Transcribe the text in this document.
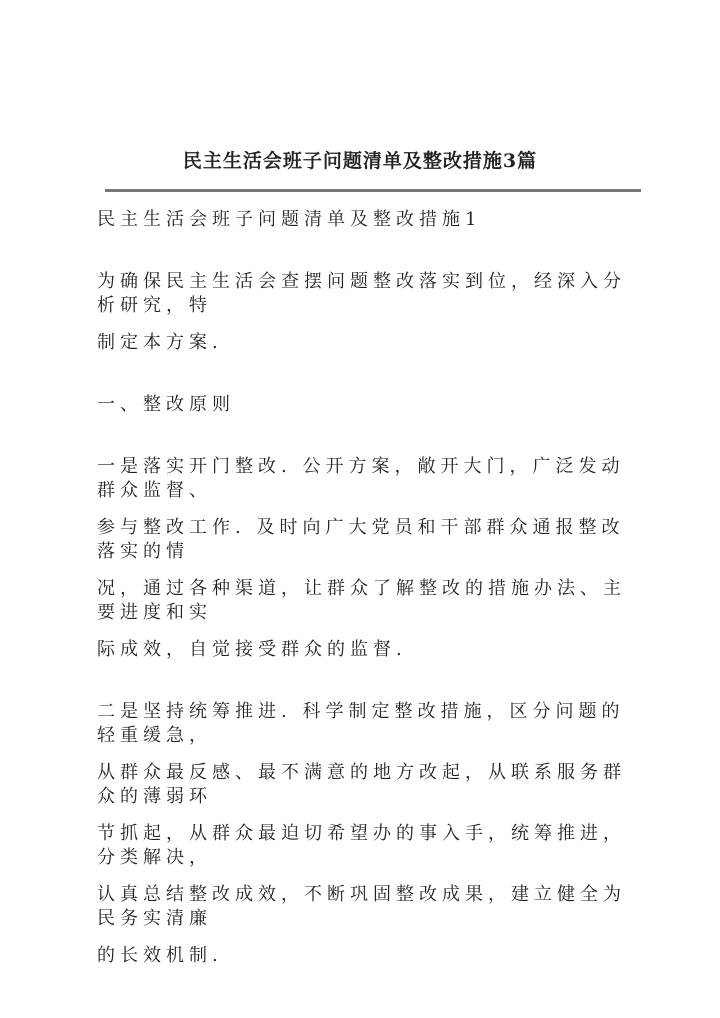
民主生活会班子问题清单及整改措施3篇
民主生活会班子问题清单及整改措施1
为确保民主生活会查摆问题整改落实到位，经深入分析研究，特
制定本方案.
一、整改原则
一是落实开门整改. 公开方案，敞开大门，广泛发动群众监督、
参与整改工作. 及时向广大党员和干部群众通报整改落实的情
况，通过各种渠道，让群众了解整改的措施办法、主要进度和实
际成效，自觉接受群众的监督.
二是坚持统筹推进. 科学制定整改措施，区分问题的轻重缓急，
从群众最反感、最不满意的地方改起，从联系服务群众的薄弱环
节抓起，从群众最迫切希望办的事入手，统筹推进，分类解决，
认真总结整改成效，不断巩固整改成果，建立健全为民务实清廉
的长效机制.
